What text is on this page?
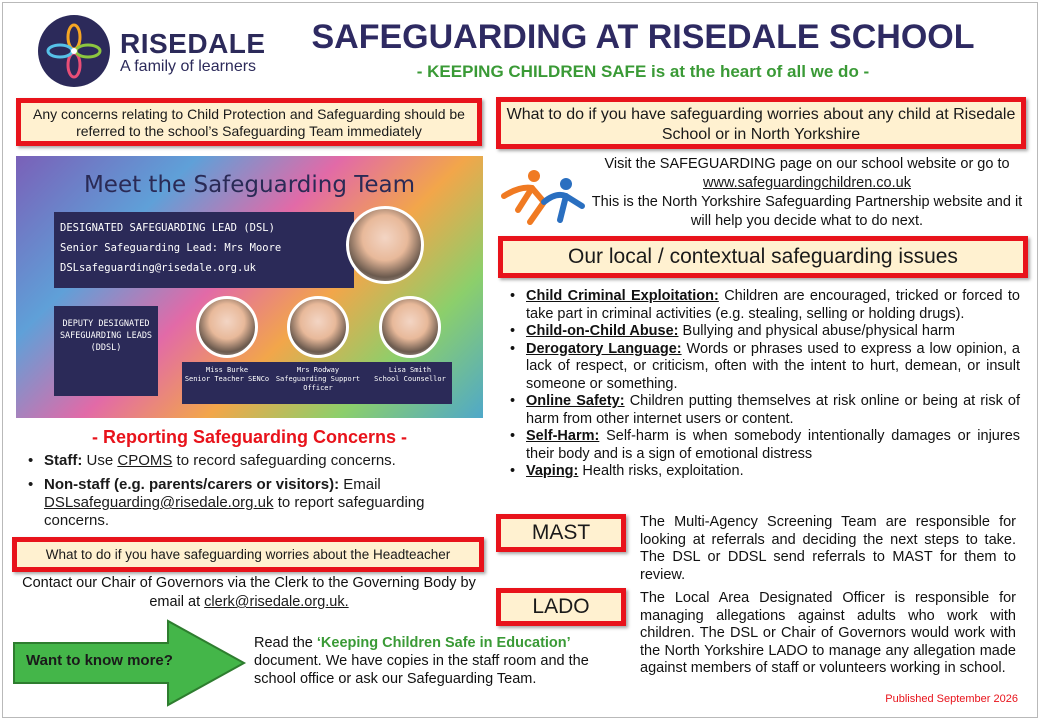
RISEDALE
A family of learners
SAFEGUARDING AT RISEDALE SCHOOL
- KEEPING CHILDREN SAFE is at the heart of all we do -
Any concerns relating to Child Protection and Safeguarding should be referred to the school’s Safeguarding Team immediately
Meet the Safeguarding Team
DESIGNATED SAFEGUARDING LEAD (DSL)
Senior Safeguarding Lead: Mrs Moore
DSLsafeguarding@risedale.org.uk
DEPUTY DESIGNATED SAFEGUARDING LEADS (DDSL)
Miss Burke
Senior Teacher SENCo
Mrs Rodway
Safeguarding Support Officer
Lisa Smith
School Counsellor
- Reporting Safeguarding Concerns -
• Staff: Use CPOMS to record safeguarding concerns.
• Non-staff (e.g. parents/carers or visitors): Email DSLsafeguarding@risedale.org.uk to report safeguarding concerns.
What to do if you have safeguarding worries about the Headteacher
Contact our Chair of Governors via the Clerk to the Governing Body by email at clerk@risedale.org.uk.
Want to know more?
Read the ‘Keeping Children Safe in Education’ document. We have copies in the staff room and the school office or ask our Safeguarding Team.
What to do if you have safeguarding worries about any child at Risedale School or in North Yorkshire
Visit the SAFEGUARDING page on our school website or go to
www.safeguardingchildren.co.uk
This is the North Yorkshire Safeguarding Partnership website and it will help you decide what to do next.
Our local / contextual safeguarding issues
• Child Criminal Exploitation: Children are encouraged, tricked or forced to take part in criminal activities (e.g. stealing, selling or holding drugs).
• Child-on-Child Abuse: Bullying and physical abuse/physical harm
• Derogatory Language: Words or phrases used to express a low opinion, a lack of respect, or criticism, often with the intent to hurt, demean, or insult someone or something.
• Online Safety: Children putting themselves at risk online or being at risk of harm from other internet users or content.
• Self-Harm: Self-harm is when somebody intentionally damages or injures their body and is a sign of emotional distress
• Vaping: Health risks, exploitation.
MAST	The Multi-Agency Screening Team are responsible for looking at referrals and deciding the next steps to take. The DSL or DDSL send referrals to MAST for them to review.
LADO	The Local Area Designated Officer is responsible for managing allegations against adults who work with children. The DSL or Chair of Governors would work with the North Yorkshire LADO to manage any allegation made against members of staff or volunteers working in school.
Published September 2026
